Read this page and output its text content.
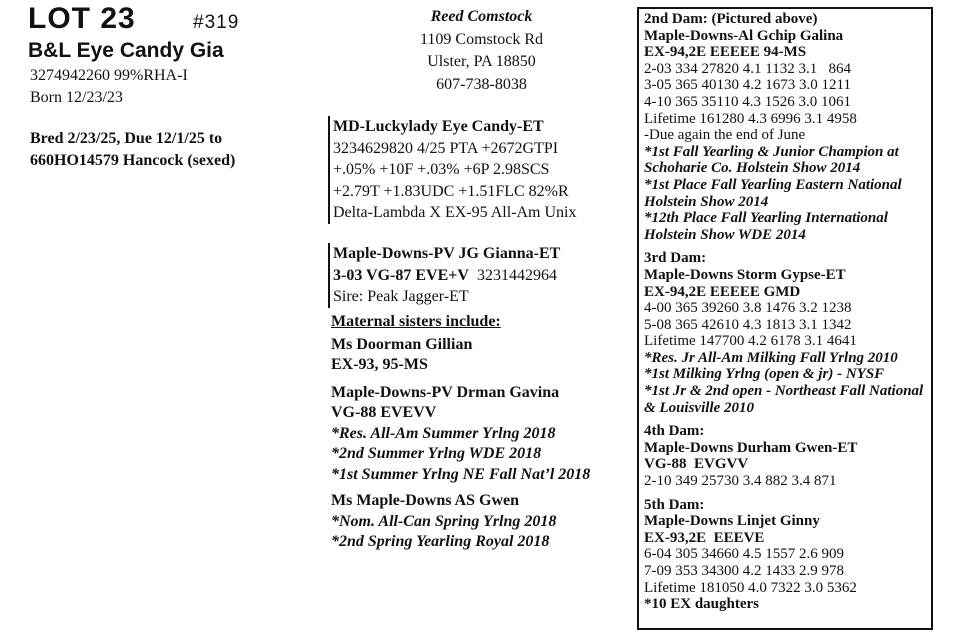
LOT 23	#319
B&L Eye Candy Gia
3274942260 99%RHA-I
Born 12/23/23
Bred 2/23/25, Due 12/1/25 to
660HO14579 Hancock (sexed)
Reed Comstock
1109 Comstock Rd
Ulster, PA 18850
607-738-8038
MD-Luckylady Eye Candy-ET
3234629820 4/25 PTA +2672GTPI
+.05% +10F +.03% +6P 2.98SCS
+2.79T +1.83UDC +1.51FLC 82%R
Delta-Lambda X EX-95 All-Am Unix
Maple-Downs-PV JG Gianna-ET
3-03 VG-87 EVE+V 3231442964
Sire: Peak Jagger-ET
Maternal sisters include:
Ms Doorman Gillian
EX-93, 95-MS
Maple-Downs-PV Drman Gavina
VG-88 EVEVV
*Res. All-Am Summer Yrlng 2018
*2nd Summer Yrlng WDE 2018
*1st Summer Yrlng NE Fall Nat’l 2018
Ms Maple-Downs AS Gwen
*Nom. All-Can Spring Yrlng 2018
*2nd Spring Yearling Royal 2018
2nd Dam: (Pictured above)
Maple-Downs-Al Gchip Galina
EX-94,2E EEEEE 94-MS
2-03 334 27820 4.1 1132 3.1   864
3-05 365 40130 4.2 1673 3.0 1211
4-10 365 35110 4.3 1526 3.0 1061
Lifetime 161280 4.3 6996 3.1 4958
-Due again the end of June
*1st Fall Yearling & Junior Champion at Schoharie Co. Holstein Show 2014
*1st Place Fall Yearling Eastern National Holstein Show 2014
*12th Place Fall Yearling International Holstein Show WDE 2014
3rd Dam:
Maple-Downs Storm Gypse-ET
EX-94,2E EEEEE GMD
4-00 365 39260 3.8 1476 3.2 1238
5-08 365 42610 4.3 1813 3.1 1342
Lifetime 147700 4.2 6178 3.1 4641
*Res. Jr All-Am Milking Fall Yrlng 2010
*1st Milking Yrlng (open & jr) - NYSF
*1st Jr & 2nd open - Northeast Fall National & Louisville 2010
4th Dam:
Maple-Downs Durham Gwen-ET
VG-88  EVGVV
2-10 349 25730 3.4 882 3.4 871
5th Dam:
Maple-Downs Linjet Ginny
EX-93,2E  EEEVE
6-04 305 34660 4.5 1557 2.6 909
7-09 353 34300 4.2 1433 2.9 978
Lifetime 181050 4.0 7322 3.0 5362
*10 EX daughters
